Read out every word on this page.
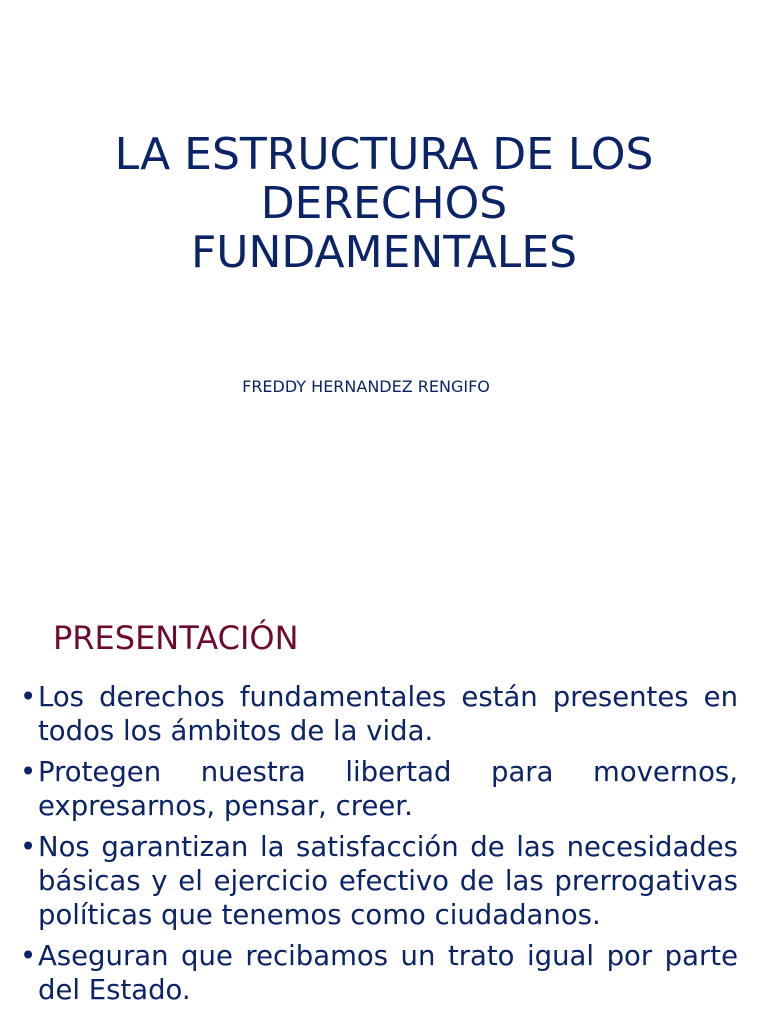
LA ESTRUCTURA DE LOS
DERECHOS
FUNDAMENTALES

FREDDY HERNANDEZ RENGIFO

PRESENTACIÓN
• Los derechos fundamentales están presentes en todos los ámbitos de la vida.
• Protegen nuestra libertad para movernos, expresarnos, pensar, creer.
• Nos garantizan la satisfacción de las necesidades básicas y el ejercicio efectivo de las prerrogativas políticas que tenemos como ciudadanos.
• Aseguran que recibamos un trato igual por parte del Estado.
